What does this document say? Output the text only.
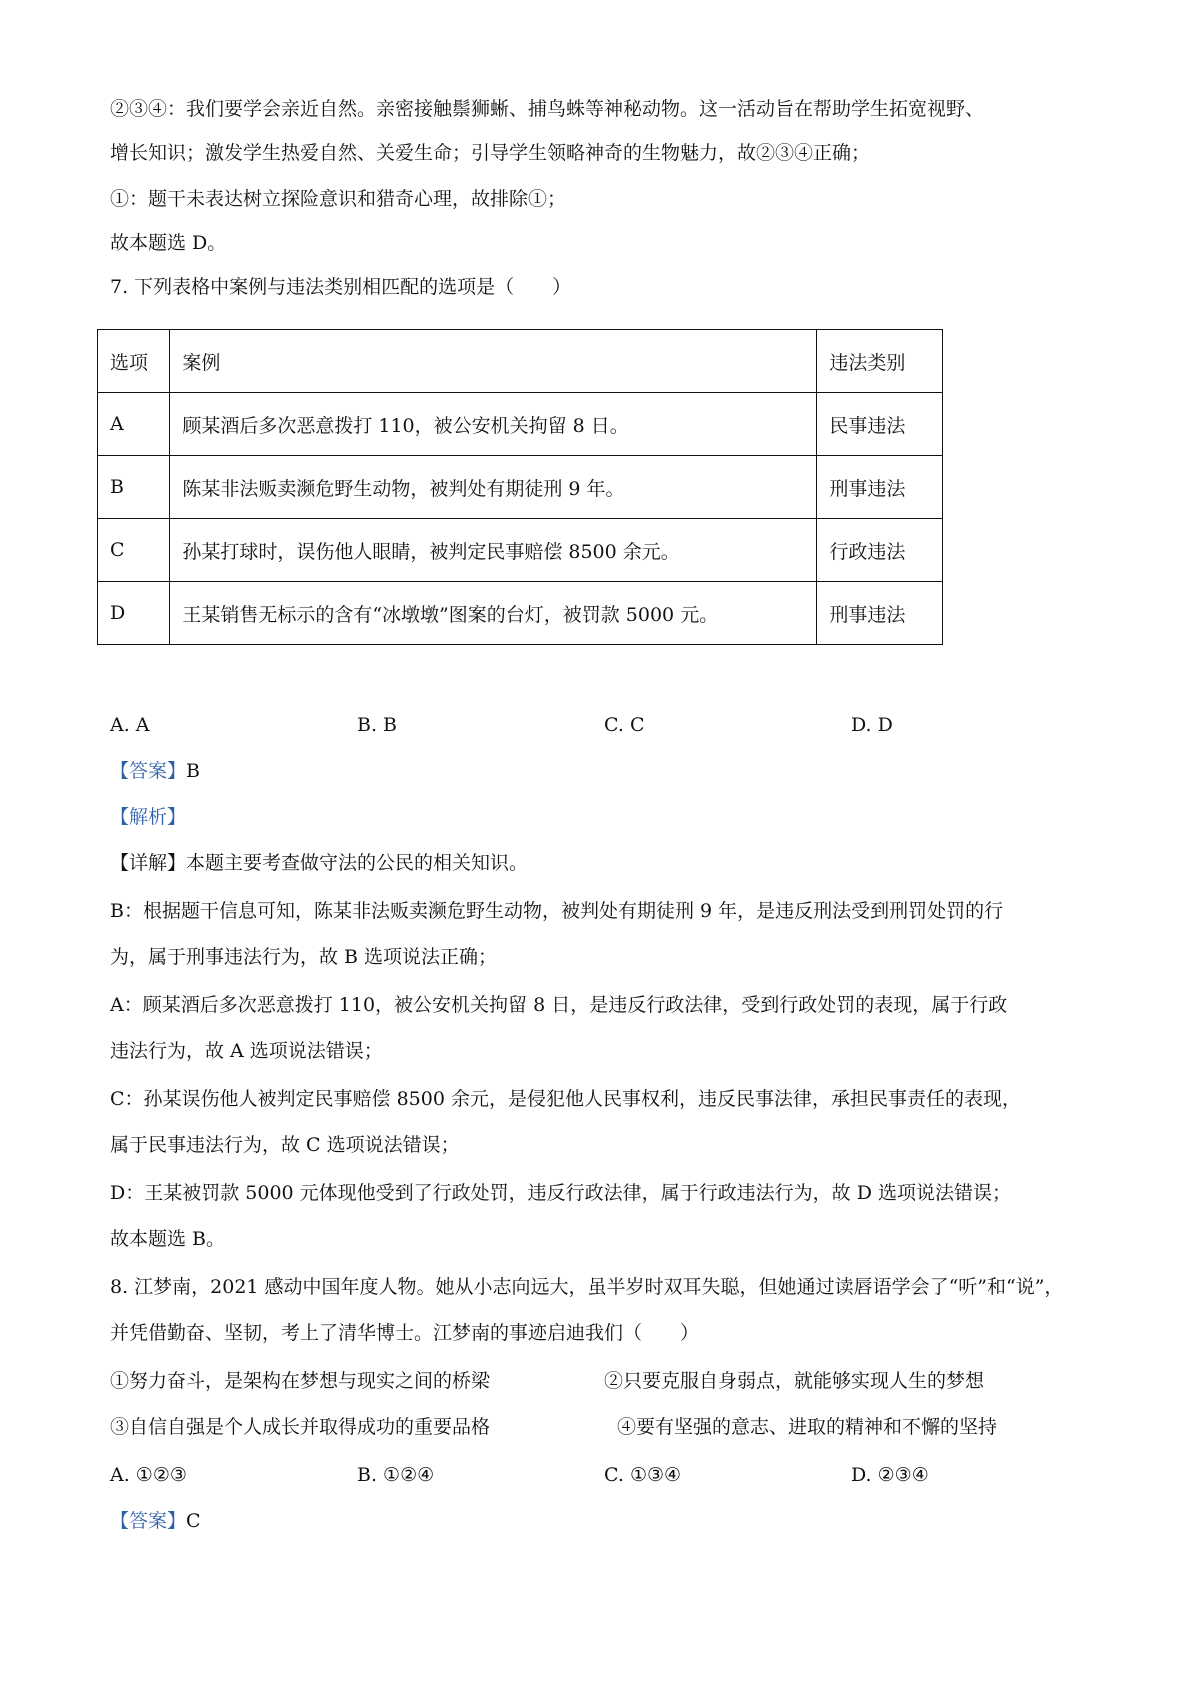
②③④：我们要学会亲近自然。亲密接触鬃狮蜥、捕鸟蛛等神秘动物。这一活动旨在帮助学生拓宽视野、
增长知识；激发学生热爱自然、关爱生命；引导学生领略神奇的生物魅力，故②③④正确；
①：题干未表达树立探险意识和猎奇心理，故排除①；
故本题选 D。
7. 下列表格中案例与违法类别相匹配的选项是（　　）
选项	案例	违法类别
A	顾某酒后多次恶意拨打 110，被公安机关拘留 8 日。	民事违法
B	陈某非法贩卖濒危野生动物，被判处有期徒刑 9 年。	刑事违法
C	孙某打球时，误伤他人眼睛，被判定民事赔偿 8500 余元。	行政违法
D	王某销售无标示的含有“冰墩墩”图案的台灯，被罚款 5000 元。	刑事违法
A. A	B. B	C. C	D. D
【答案】B
【解析】
【详解】本题主要考查做守法的公民的相关知识。
B：根据题干信息可知，陈某非法贩卖濒危野生动物，被判处有期徒刑 9 年，是违反刑法受到刑罚处罚的行
为，属于刑事违法行为，故 B 选项说法正确；
A：顾某酒后多次恶意拨打 110，被公安机关拘留 8 日，是违反行政法律，受到行政处罚的表现，属于行政
违法行为，故 A 选项说法错误；
C：孙某误伤他人被判定民事赔偿 8500 余元，是侵犯他人民事权利，违反民事法律，承担民事责任的表现，
属于民事违法行为，故 C 选项说法错误；
D：王某被罚款 5000 元体现他受到了行政处罚，违反行政法律，属于行政违法行为，故 D 选项说法错误；
故本题选 B。
8. 江梦南，2021 感动中国年度人物。她从小志向远大，虽半岁时双耳失聪，但她通过读唇语学会了“听”和“说”，
并凭借勤奋、坚韧，考上了清华博士。江梦南的事迹启迪我们（　　）
①努力奋斗，是架构在梦想与现实之间的桥梁	②只要克服自身弱点，就能够实现人生的梦想
③自信自强是个人成长并取得成功的重要品格	④要有坚强的意志、进取的精神和不懈的坚持
A. ①②③	B. ①②④	C. ①③④	D. ②③④
【答案】C
